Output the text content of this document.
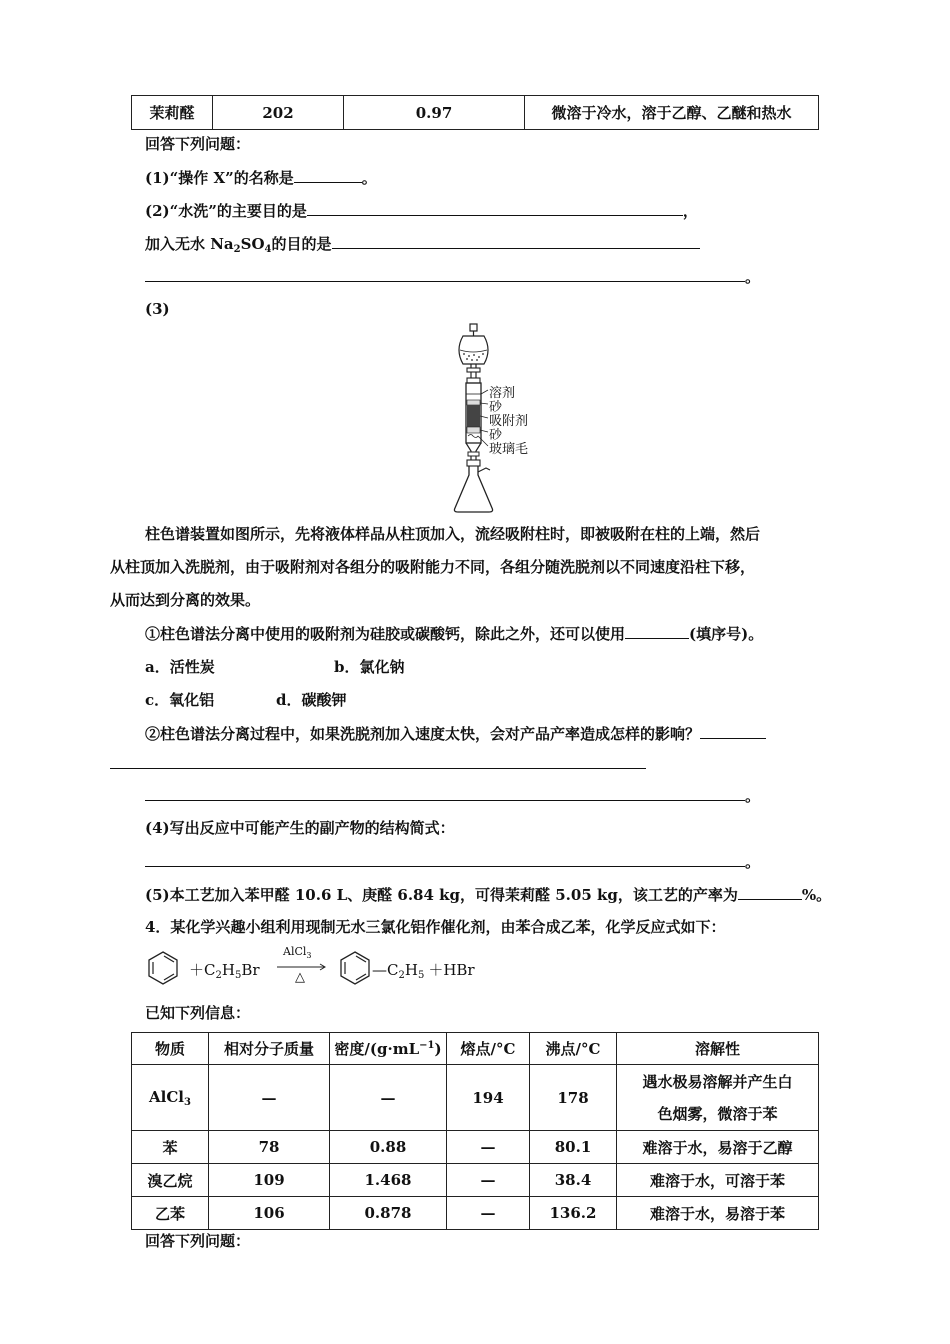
茉莉醛	202	0.97	微溶于冷水，溶于乙醇、乙醚和热水
回答下列问题：
(1)“操作 X”的名称是	。
(2)“水洗”的主要目的是	，
加入无水 $Na_2SO_4$的目的是
。
(3)
溶剂
砂
吸附剂
砂
玻璃毛
柱色谱装置如图所示，先将液体样品从柱顶加入，流经吸附柱时，即被吸附在柱的上端，然后
从柱顶加入洗脱剂，由于吸附剂对各组分的吸附能力不同，各组分随洗脱剂以不同速度沿柱下移，
从而达到分离的效果。
①柱色谱法分离中使用的吸附剂为硅胶或碳酸钙，除此之外，还可以使用	(填序号)。
a．活性炭	b．氯化钠
c．氧化铝	d．碳酸钾
②柱色谱法分离过程中，如果洗脱剂加入速度太快，会对产品产率造成怎样的影响？
。
(4)写出反应中可能产生的副产物的结构简式：
。
(5)本工艺加入苯甲醛 10.6 L、庚醛 6.84 kg，可得茉莉醛 5.05 kg，该工艺的产率为	%。
4．某化学兴趣小组利用现制无水三氯化铝作催化剂，由苯合成乙苯，化学反应式如下：
$+C_2H_5Br$
AlCl$_3$
△	$—C_2H_5 +HBr$
已知下列信息：
物质	相对分子质量	密度$/(g\cdot mL^{-1})$	熔点/°C	沸点/°C	溶解性
AlCl$_3$	—	—	194	178	遇水极易溶解并产生白
色烟雾，微溶于苯

苯	78	0.88	—	80.1	难溶于水，易溶于乙醇
溴乙烷	109	1.468	—	38.4	难溶于水，可溶于苯
乙苯	106	0.878	—	136.2	难溶于水，易溶于苯
回答下列问题：
